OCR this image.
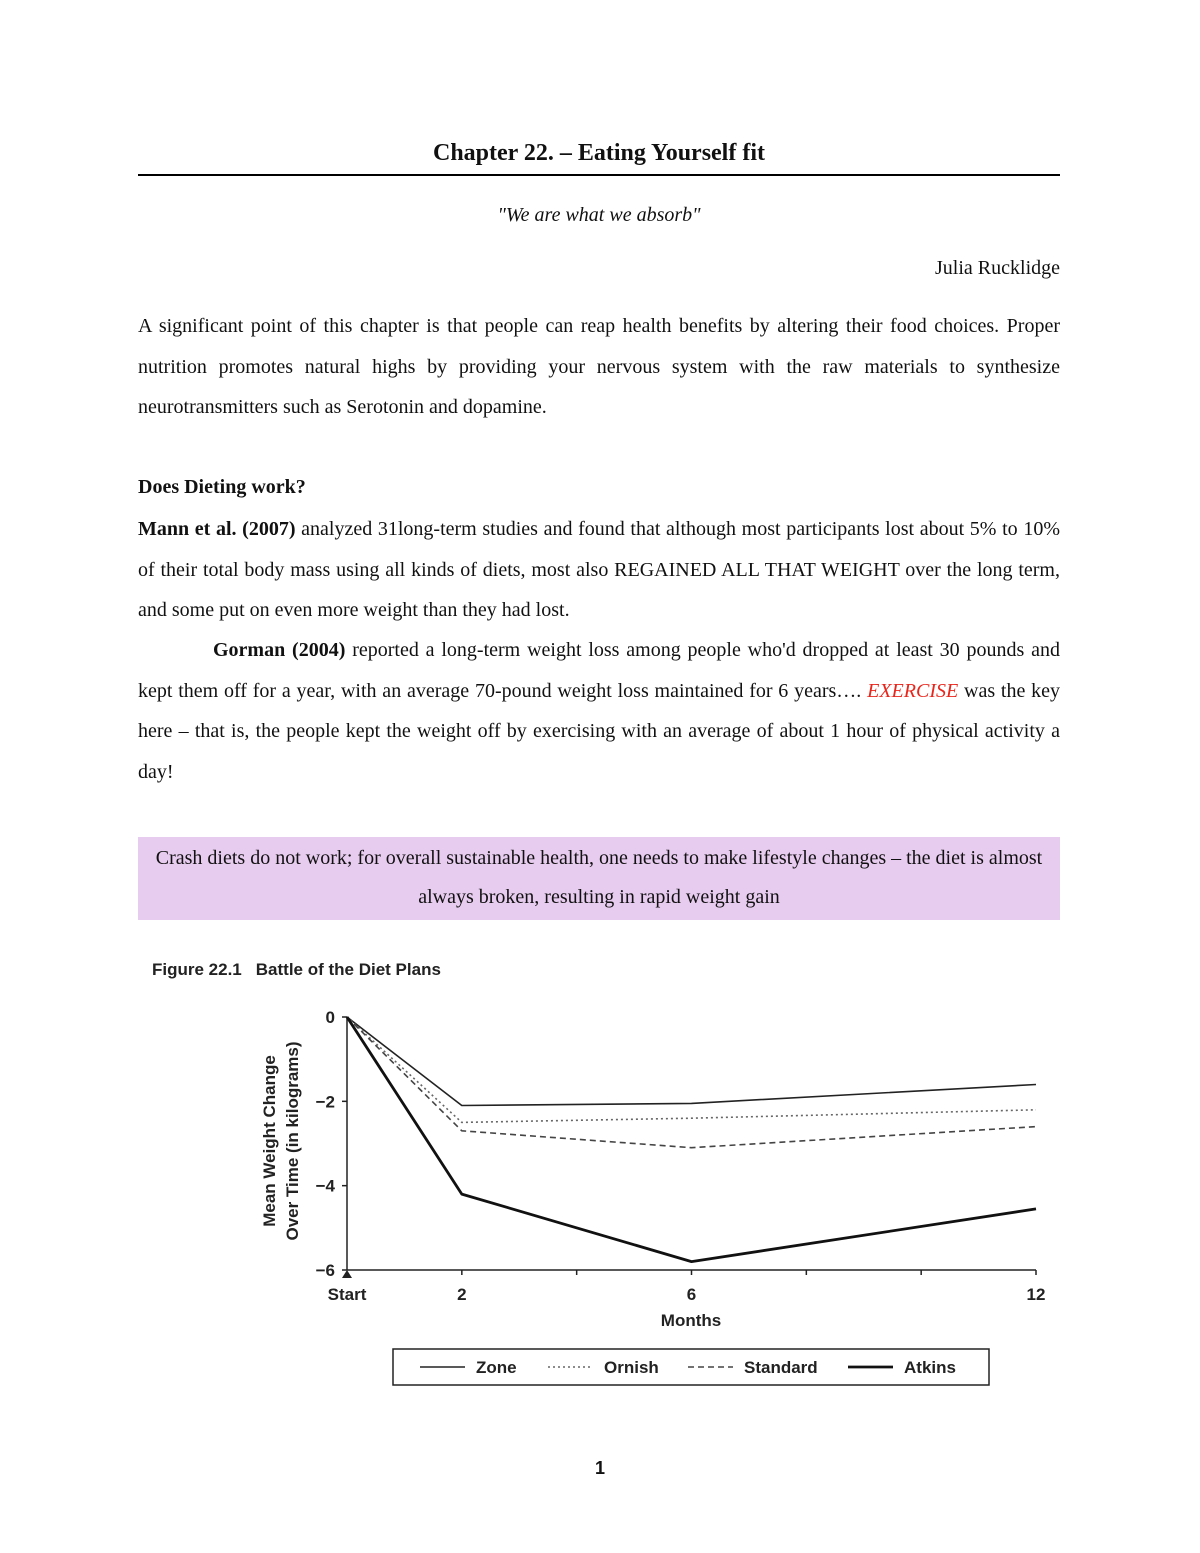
Chapter 22. – Eating Yourself fit
"We are what we absorb"
Julia Rucklidge
A significant point of this chapter is that people can reap health benefits by altering their food choices. Proper nutrition promotes natural highs by providing your nervous system with the raw materials to synthesize neurotransmitters such as Serotonin and dopamine.
Does Dieting work?
Mann et al. (2007) analyzed 31long-term studies and found that although most participants lost about 5% to 10% of their total body mass using all kinds of diets, most also REGAINED ALL THAT WEIGHT over the long term, and some put on even more weight than they had lost.
Gorman (2004) reported a long-term weight loss among people who'd dropped at least 30 pounds and kept them off for a year, with an average 70-pound weight loss maintained for 6 years…. EXERCISE was the key here – that is, the people kept the weight off by exercising with an average of about 1 hour of physical activity a day!
Crash diets do not work; for overall sustainable health, one needs to make lifestyle changes – the diet is almost always broken, resulting in rapid weight gain
Figure 22.1 Battle of the Diet Plans
0
−2
−4
−6
Start	2	6	12
Months
Mean Weight Change Over Time (in kilograms)
Zone	Ornish	Standard	Atkins
1
